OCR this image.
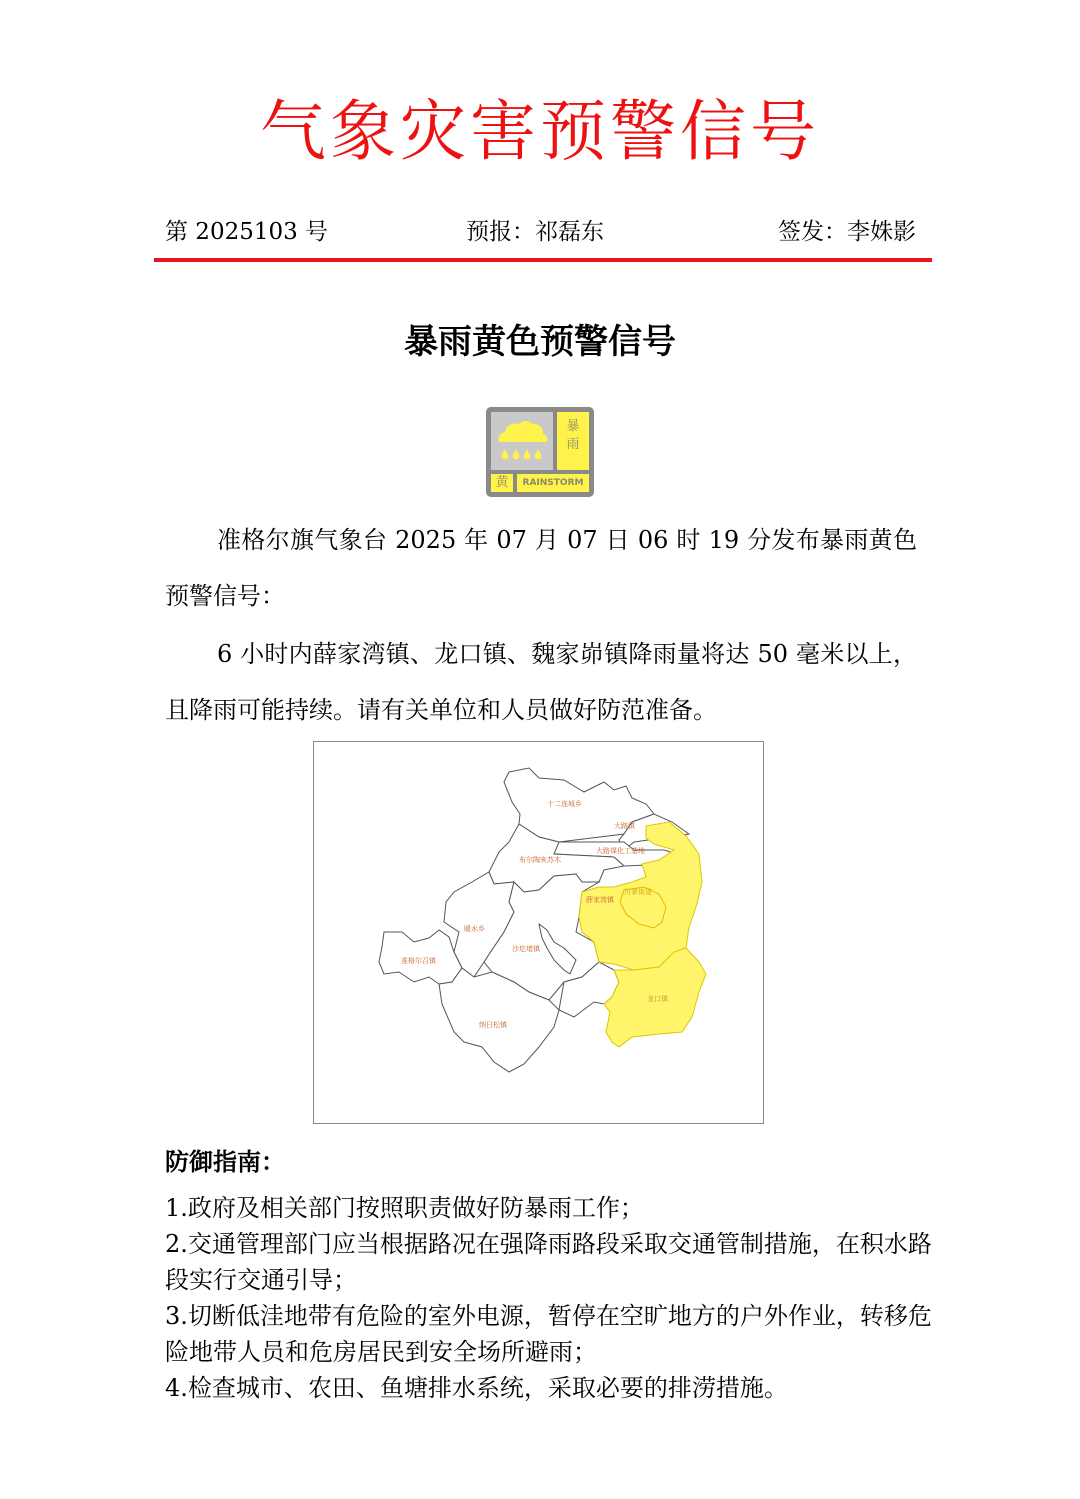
气象灾害预警信号
第 2025103 号	预报：祁磊东	签发：李姝影
暴雨黄色预警信号
暴
雨
黄	RAINSTORM
准格尔旗气象台 2025 年 07 月 07 日 06 时 19 分发布暴雨黄色预警信号：
6 小时内薛家湾镇、龙口镇、魏家峁镇降雨量将达 50 毫米以上，且降雨可能持续。请有关单位和人员做好防范准备。
十二连城乡
大路镇
大路煤化工基地
布尔陶亥苏木
薛家湾镇
川掌街道
暖水乡
沙圪堵镇
准格尔召镇
纳日松镇
龙口镇
防御指南：
1.政府及相关部门按照职责做好防暴雨工作；
2.交通管理部门应当根据路况在强降雨路段采取交通管制措施，在积水路段实行交通引导；
3.切断低洼地带有危险的室外电源，暂停在空旷地方的户外作业，转移危险地带人员和危房居民到安全场所避雨；
4.检查城市、农田、鱼塘排水系统，采取必要的排涝措施。
